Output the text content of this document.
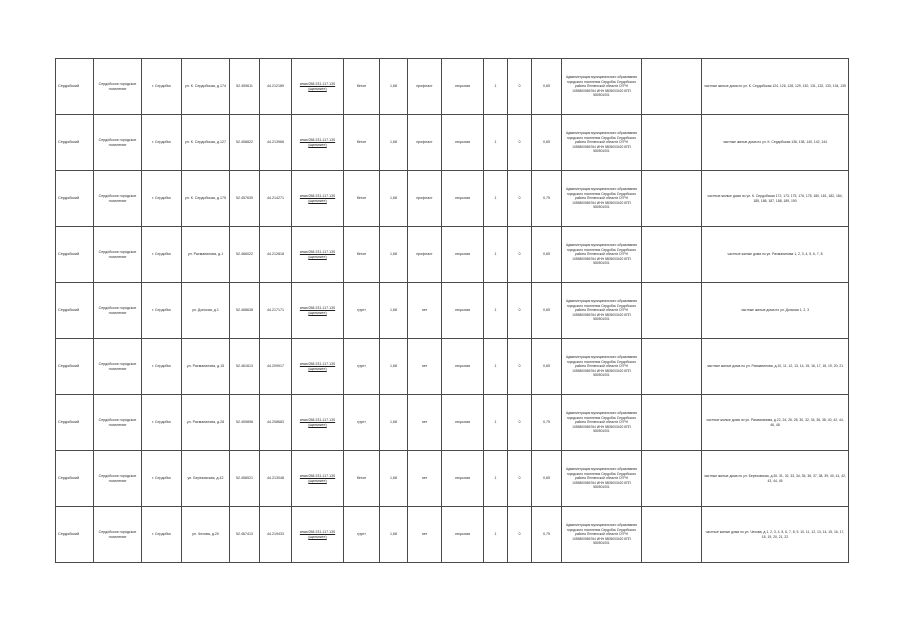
Сердобский	Сердобское городское поселение	г. Сердобск	ул. К. Сердобская, д.174	52.459611	44.212189	www.058.231.117.130 (щелкните)	бетон	1,68	профнаст	открытая	1	0	0,65	Администрация муниципального образования городского поселения Сердобск Сердобского района Пензенской области ОГРН 1055800556764 ИНН 5805003420 КПП 580501001		частные жилые дома по ул. К. Сердобская 124, 126, 128, 129, 130, 131, 132, 133, 134, 135
Сердобский	Сердобское городское поселение	г. Сердобск	ул. К. Сердобская, д.127	52.458822	44.213966	www.058.231.117.130 (щелкните)	бетон	1,68	профнаст	открытая	1	0	0,65	Администрация муниципального образования городского поселения Сердобск Сердобского района Пензенской области ОГРН 1055800556764 ИНН 5805003420 КПП 580501001		частные жилые дома по ул. К. Сердобская 136, 138, 140, 142, 144
Сердобский	Сердобское городское поселение	г. Сердобск	ул. К. Сердобская, д.175	52.457639	44.214271	www.058.231.117.130 (щелкните)	бетон	1,68	профнаст	открытая	1	0	0,75	Администрация муниципального образования городского поселения Сердобск Сердобского района Пензенской области ОГРН 1055800556764 ИНН 5805003420 КПП 580501001		частные жилые дома по ул. К. Сердобская 172, 173, 175, 176, 178, 180, 181, 182, 184, 185, 186, 187, 188, 189, 190
Сердобский	Сердобское городское поселение	г. Сердобск	ул. Рахманинова, д.1	52.466022	44.212818	www.058.231.117.130 (щелкните)	бетон	1,68	профнаст	открытая	1	0	0,65	Администрация муниципального образования городского поселения Сердобск Сердобского района Пензенской области ОГРН 1055800556764 ИНН 5805003420 КПП 580501001		частные жилые дома по ул. Рахманинова 1, 2, 3, 4, 5, 6, 7, 8
Сердобский	Сердобское городское поселение	г. Сердобск	ул. Донская, д.1	52.468638	44.217171	www.058.231.117.130 (щелкните)	грунт	1,68	нет	открытая	1	0	0,65	Администрация муниципального образования городского поселения Сердобск Сердобского района Пензенской области ОГРН 1055800556764 ИНН 5805003420 КПП 580501001		частные жилые дома по ул. Донская 1, 2, 3
Сердобский	Сердобское городское поселение	г. Сердобск	ул. Рахманинова, д.15	52.461613	44.209917	www.058.231.117.130 (щелкните)	грунт	1,68	нет	открытая	1	0	0,65	Администрация муниципального образования городского поселения Сердобск Сердобского района Пензенской области ОГРН 1055800556764 ИНН 5805003420 КПП 580501001		частные жилые дома по ул. Рахманинова, д.10, 11, 12, 13, 14, 15, 16, 17, 18, 19, 20, 21
Сердобский	Сердобское городское поселение	г. Сердобск	ул. Рахманинова, д.28	52.459898	44.208683	www.058.231.117.130 (щелкните)	грунт	1,68	нет	открытая	1	0	0,75	Администрация муниципального образования городского поселения Сердобск Сердобского района Пензенской области ОГРН 1055800556764 ИНН 5805003420 КПП 580501001		частные жилые дома по ул. Рахманинова, д.22, 24, 26, 28, 30, 32, 34, 36, 38, 40, 42, 44, 46, 48
Сердобский	Сердобское городское поселение	г. Сердобск	ул. Березовская, д.42	52.458921	44.213048	www.058.231.117.130 (щелкните)	бетон	1,68	нет	открытая	1	0	0,65	Администрация муниципального образования городского поселения Сердобск Сердобского района Пензенской области ОГРН 1055800556764 ИНН 5805003420 КПП 580501001		частные жилые дома по ул. Березовская, д.30, 31, 32, 33, 34, 35, 36, 37, 38, 39, 40, 41, 42, 43, 44, 45
Сердобский	Сердобское городское поселение	г. Сердобск	ул. Чехова, д.20	52.467413	44.219433	www.058.231.117.130 (щелкните)	грунт	1,68	нет	открытая	1	0	0,75	Администрация муниципального образования городского поселения Сердобск Сердобского района Пензенской области ОГРН 1055800556764 ИНН 5805003420 КПП 580501001		частные жилые дома по ул. Чехова, д.1, 2, 3, 4, 5, 6, 7, 8, 9, 10, 11, 12, 13, 14, 15, 16, 17, 18, 19, 20, 21, 22
